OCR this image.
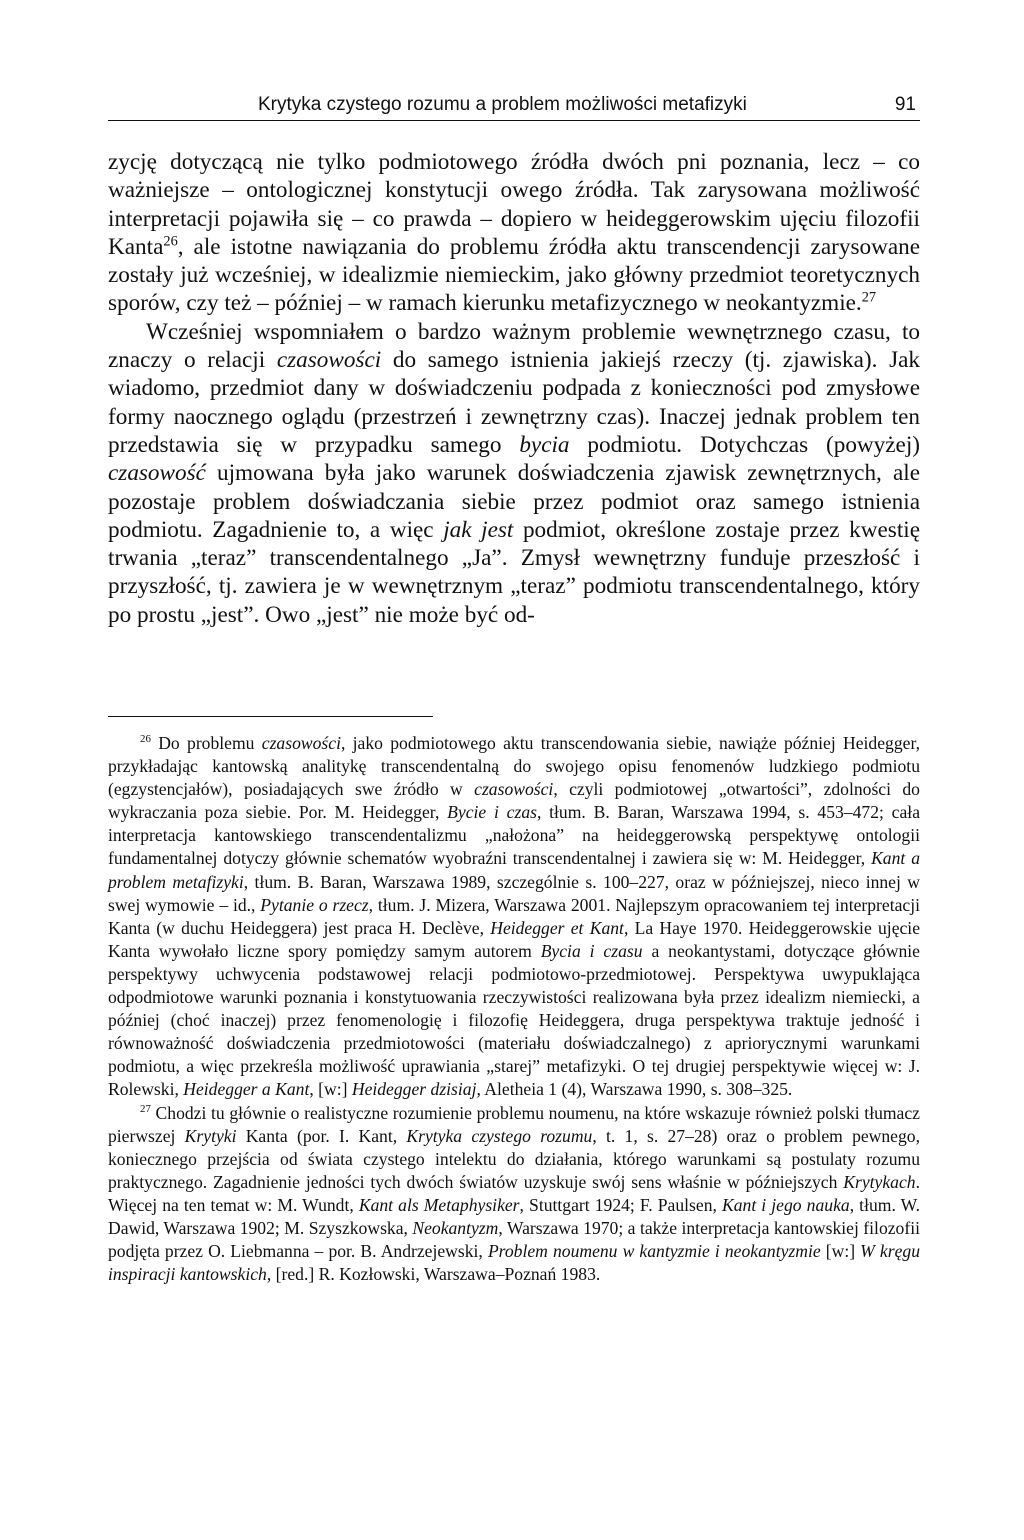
Krytyka czystego rozumu a problem możliwości metafizyki	91

zycję dotyczącą nie tylko podmiotowego źródła dwóch pni poznania, lecz – co ważniejsze – ontologicznej konstytucji owego źródła. Tak zarysowana możliwość interpretacji pojawiła się – co prawda – dopiero w heideggerowskim ujęciu filozofii Kanta$^{26}$, ale istotne nawiązania do problemu źródła aktu transcendencji zarysowane zostały już wcześniej, w idealizmie niemieckim, jako główny przedmiot teoretycznych sporów, czy też – później – w ramach kierunku metafizycznego w neokantyzmie.$^{27}$

Wcześniej wspomniałem o bardzo ważnym problemie wewnętrznego czasu, to znaczy o relacji czasowości do samego istnienia jakiejś rzeczy (tj. zjawiska). Jak wiadomo, przedmiot dany w doświadczeniu podpada z konieczności pod zmysłowe formy naocznego oglądu (przestrzeń i zewnętrzny czas). Inaczej jednak problem ten przedstawia się w przypadku samego bycia podmiotu. Dotychczas (powyżej) czasowość ujmowana była jako warunek doświadczenia zjawisk zewnętrznych, ale pozostaje problem doświadczania siebie przez podmiot oraz samego istnienia podmiotu. Zagadnienie to, a więc jak jest podmiot, określone zostaje przez kwestię trwania „teraz” transcendentalnego „Ja”. Zmysł wewnętrzny funduje przeszłość i przyszłość, tj. zawiera je w wewnętrznym „teraz” podmiotu transcendentalnego, który po prostu „jest”. Owo „jest” nie może być od-

$^{26}$ Do problemu czasowości, jako podmiotowego aktu transcendowania siebie, nawiąże później Heidegger, przykładając kantowską analitykę transcendentalną do swojego opisu fenomenów ludzkiego podmiotu (egzystencjałów), posiadających swe źródło w czasowości, czyli podmiotowej „otwartości”, zdolności do wykraczania poza siebie. Por. M. Heidegger, Bycie i czas, tłum. B. Baran, Warszawa 1994, s. 453–472; cała interpretacja kantowskiego transcendentalizmu „nałożona” na heideggerowską perspektywę ontologii fundamentalnej dotyczy głównie schematów wyobraźni transcendentalnej i zawiera się w: M. Heidegger, Kant a problem metafizyki, tłum. B. Baran, Warszawa 1989, szczególnie s. 100–227, oraz w późniejszej, nieco innej w swej wymowie – id., Pytanie o rzecz, tłum. J. Mizera, Warszawa 2001. Najlepszym opracowaniem tej interpretacji Kanta (w duchu Heideggera) jest praca H. Declève, Heidegger et Kant, La Haye 1970. Heideggerowskie ujęcie Kanta wywołało liczne spory pomiędzy samym autorem Bycia i czasu a neokantystami, dotyczące głównie perspektywy uchwycenia podstawowej relacji podmiotowo-przedmiotowej. Perspektywa uwypuklająca odpodmiotowe warunki poznania i konstytuowania rzeczywistości realizowana była przez idealizm niemiecki, a później (choć inaczej) przez fenomenologię i filozofię Heideggera, druga perspektywa traktuje jedność i równoważność doświadczenia przedmiotowości (materiału doświadczalnego) z apriorycznymi warunkami podmiotu, a więc przekreśla możliwość uprawiania „starej” metafizyki. O tej drugiej perspektywie więcej w: J. Rolewski, Heidegger a Kant, [w:] Heidegger dzisiaj, Aletheia 1 (4), Warszawa 1990, s. 308–325.

$^{27}$ Chodzi tu głównie o realistyczne rozumienie problemu noumenu, na które wskazuje również polski tłumacz pierwszej Krytyki Kanta (por. I. Kant, Krytyka czystego rozumu, t. 1, s. 27–28) oraz o problem pewnego, koniecznego przejścia od świata czystego intelektu do działania, którego warunkami są postulaty rozumu praktycznego. Zagadnienie jedności tych dwóch światów uzyskuje swój sens właśnie w późniejszych Krytykach. Więcej na ten temat w: M. Wundt, Kant als Metaphysiker, Stuttgart 1924; F. Paulsen, Kant i jego nauka, tłum. W. Dawid, Warszawa 1902; M. Szyszkowska, Neokantyzm, Warszawa 1970; a także interpretacja kantowskiej filozofii podjęta przez O. Liebmanna – por. B. Andrzejewski, Problem noumenu w kantyzmie i neokantyzmie [w:] W kręgu inspiracji kantowskich, [red.] R. Kozłowski, Warszawa–Poznań 1983.
